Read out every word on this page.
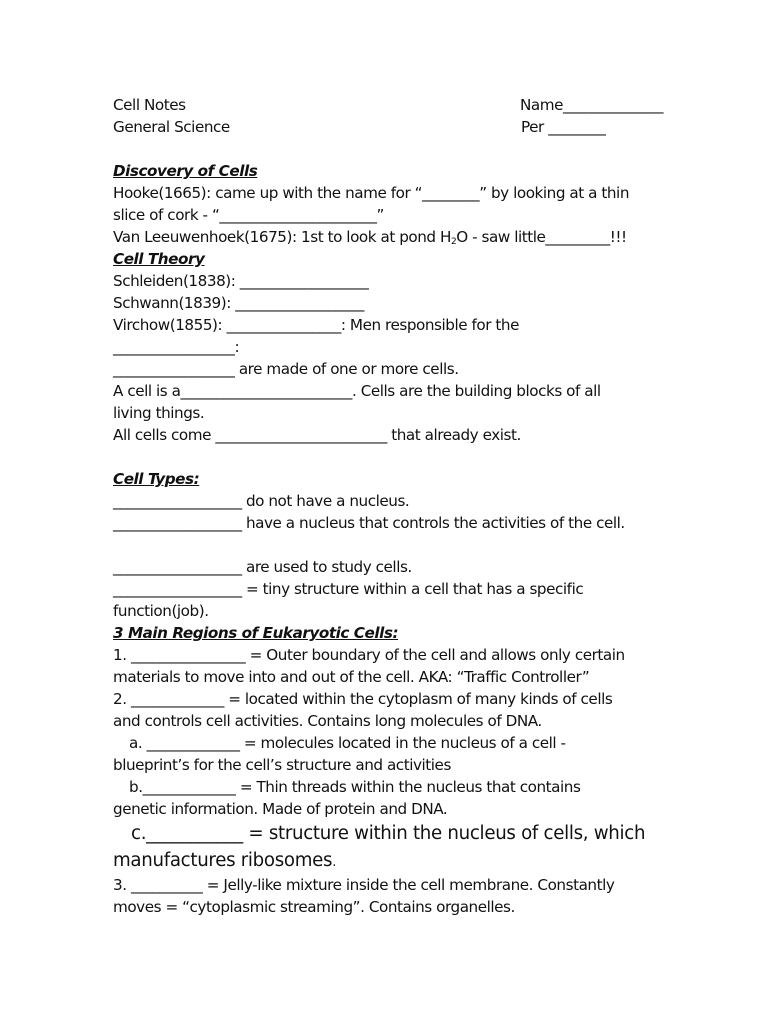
Cell Notes	Name______________
General Science	Per ________
Discovery of Cells
Hooke(1665): came up with the name for “________” by looking at a thin
slice of cork - “______________________”
Van Leeuwenhoek(1675): 1st to look at pond $H_2O$ - saw little_________!!!
Cell Theory
Schleiden(1838): __________________
Schwann(1839): __________________
Virchow(1855): ________________: Men responsible for the
_________________:
_________________ are made of one or more cells.
A cell is a________________________. Cells are the building blocks of all
living things.
All cells come ________________________ that already exist.
Cell Types:
__________________ do not have a nucleus.
__________________ have a nucleus that controls the activities of the cell.
__________________ are used to study cells.
__________________ = tiny structure within a cell that has a specific
function(job).
3 Main Regions of Eukaryotic Cells:
1. ________________ = Outer boundary of the cell and allows only certain
materials to move into and out of the cell. AKA: “Traffic Controller”
2. _____________ = located within the cytoplasm of many kinds of cells
and controls cell activities. Contains long molecules of DNA.
a. _____________ = molecules located in the nucleus of a cell -
blueprint’s for the cell’s structure and activities
b._____________ = Thin threads within the nucleus that contains
genetic information. Made of protein and DNA.
c.___________ = structure within the nucleus of cells, which
manufactures ribosomes.
3. __________ = Jelly-like mixture inside the cell membrane. Constantly
moves = “cytoplasmic streaming”. Contains organelles.
